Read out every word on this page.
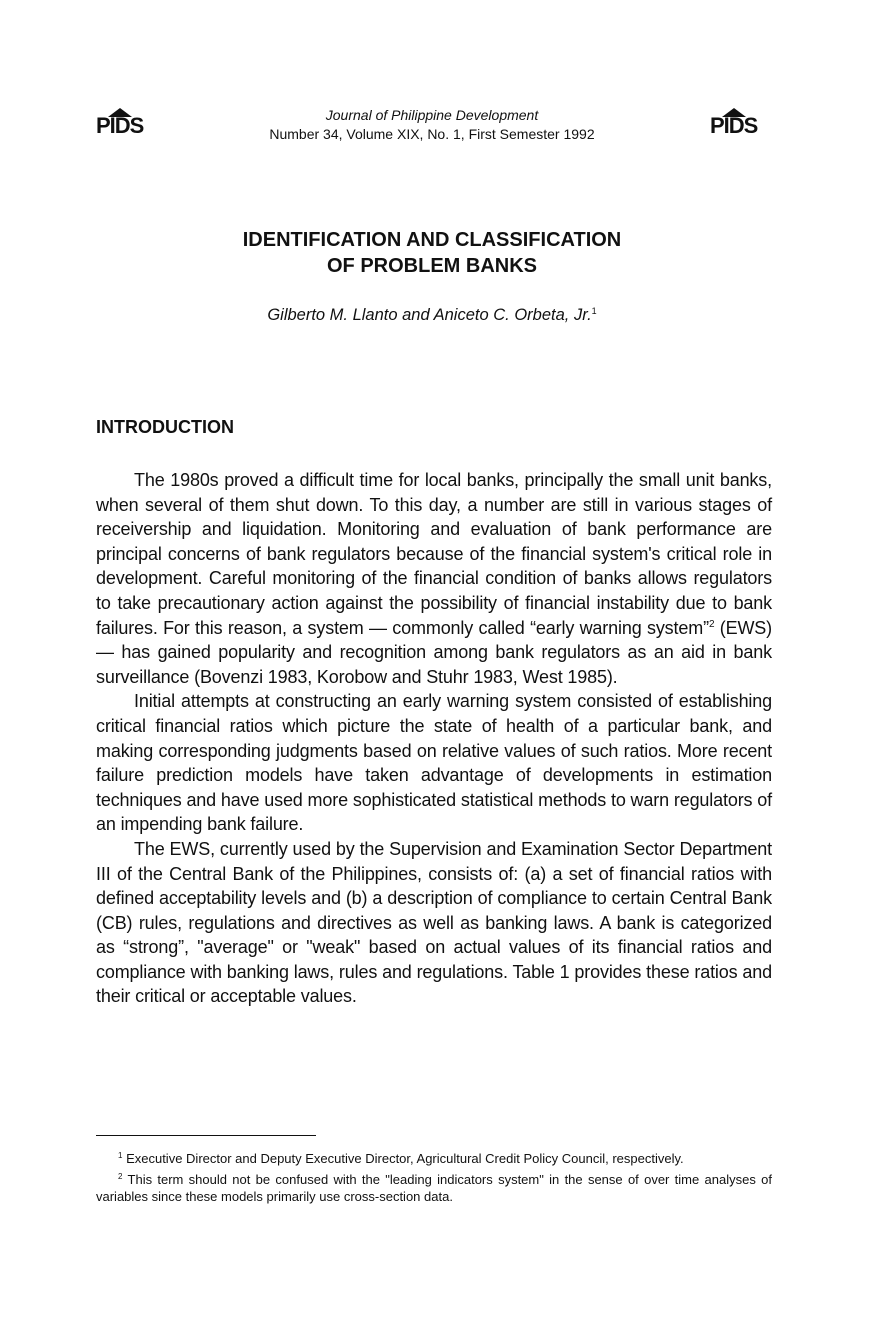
PIDS	Journal of Philippine Development
Number 34, Volume XIX, No. 1, First Semester 1992	PIDS
IDENTIFICATION AND CLASSIFICATION
OF PROBLEM BANKS
Gilberto M. Llanto and Aniceto C. Orbeta, Jr.$^1$
INTRODUCTION

The 1980s proved a difficult time for local banks, principally the small unit banks, when several of them shut down. To this day, a number are still in various stages of receivership and liquidation. Monitoring and evaluation of bank performance are principal concerns of bank regulators because of the financial system's critical role in development. Careful monitoring of the financial condition of banks allows regulators to take precautionary action against the possibility of financial instability due to bank failures. For this reason, a system — commonly called “early warning system”$^2$ (EWS) — has gained popularity and recognition among bank regulators as an aid in bank surveillance (Bovenzi 1983, Korobow and Stuhr 1983, West 1985).

Initial attempts at constructing an early warning system consisted of establishing critical financial ratios which picture the state of health of a particular bank, and making corresponding judgments based on relative values of such ratios. More recent failure prediction models have taken advantage of developments in estimation techniques and have used more sophisticated statistical methods to warn regulators of an impending bank failure.

The EWS, currently used by the Supervision and Examination Sector Department III of the Central Bank of the Philippines, consists of: (a) a set of financial ratios with defined acceptability levels and (b) a description of compliance to certain Central Bank (CB) rules, regulations and directives as well as banking laws. A bank is categorized as “strong”, "average" or "weak" based on actual values of its financial ratios and compliance with banking laws, rules and regulations. Table 1 provides these ratios and their critical or acceptable values.

$^1$ Executive Director and Deputy Executive Director, Agricultural Credit Policy Council, respectively.

$^2$ This term should not be confused with the "leading indicators system" in the sense of over time analyses of variables since these models primarily use cross-section data.
